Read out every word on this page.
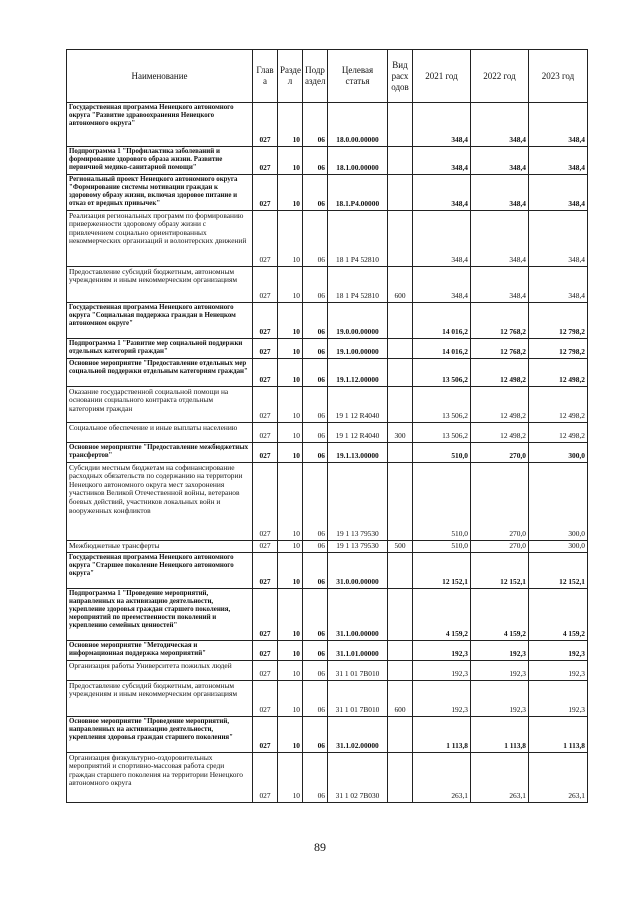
Наименование	Глав а	Разде л	Подр аздел	Целевая статья	Вид расх одов	2021 год	2022 год	2023 год
Государственная программа Ненецкого автономного округа "Развитие здравоохранения Ненецкого автономного округа"	027	10	06	18.0.00.00000		348,4	348,4	348,4
Подпрограмма 1 "Профилактика заболеваний и формирование здорового образа жизни. Развитие первичной медико-санитарной помощи"	027	10	06	18.1.00.00000		348,4	348,4	348,4
Региональный проект Ненецкого автономного округа "Формирование системы мотивации граждан к здоровому образу жизни, включая здоровое питание и отказ от вредных привычек"	027	10	06	18.1.P4.00000		348,4	348,4	348,4
Реализация региональных программ по формированию приверженности здоровому образу жизни с привлечением социально ориентированных некоммерческих организаций и волонтерских движений	027	10	06	18 1 P4 52810		348,4	348,4	348,4
Предоставление субсидий бюджетным, автономным учреждениям и иным некоммерческим организациям	027	10	06	18 1 P4 52810	600	348,4	348,4	348,4
Государственная программа Ненецкого автономного округа "Социальная поддержка граждан в Ненецком автономном округе"	027	10	06	19.0.00.00000		14 016,2	12 768,2	12 798,2
Подпрограмма 1 "Развитие мер социальной поддержки отдельных категорий граждан"	027	10	06	19.1.00.00000		14 016,2	12 768,2	12 798,2
Основное мероприятие "Предоставление отдельных мер социальной поддержки отдельным категориям граждан"	027	10	06	19.1.12.00000		13 506,2	12 498,2	12 498,2
Оказание государственной социальной помощи на основании социального контракта отдельным категориям граждан	027	10	06	19 1 12 R4040		13 506,2	12 498,2	12 498,2
Социальное обеспечение и иные выплаты населению	027	10	06	19 1 12 R4040	300	13 506,2	12 498,2	12 498,2
Основное мероприятие "Предоставление межбюджетных трансфертов"	027	10	06	19.1.13.00000		510,0	270,0	300,0
Субсидии местным бюджетам на софинансирование расходных обязательств по содержанию на территории Ненецкого автономного округа мест захоронения участников Великой Отечественной войны, ветеранов боевых действий, участников локальных войн и вооруженных конфликтов	027	10	06	19 1 13 79530		510,0	270,0	300,0
Межбюджетные трансферты	027	10	06	19 1 13 79530	500	510,0	270,0	300,0
Государственная программа Ненецкого автономного округа "Старшее поколение Ненецкого автономного округа"	027	10	06	31.0.00.00000		12 152,1	12 152,1	12 152,1
Подпрограмма 1 "Проведение мероприятий, направленных на активизацию деятельности, укрепление здоровья граждан старшего поколения, мероприятий по преемственности поколений и укреплению семейных ценностей"	027	10	06	31.1.00.00000		4 159,2	4 159,2	4 159,2
Основное мероприятие "Методическая и информационная поддержка мероприятий"	027	10	06	31.1.01.00000		192,3	192,3	192,3
Организация работы Университета пожилых людей	027	10	06	31 1 01 7B010		192,3	192,3	192,3
Предоставление субсидий бюджетным, автономным учреждениям и иным некоммерческим организациям	027	10	06	31 1 01 7B010	600	192,3	192,3	192,3
Основное мероприятие "Проведение мероприятий, направленных на активизацию деятельности, укрепления здоровья граждан старшего поколения"	027	10	06	31.1.02.00000		1 113,8	1 113,8	1 113,8
Организация физкультурно-оздоровительных мероприятий и спортивно-массовая работа среди граждан старшего поколения на территории Ненецкого автономного округа	027	10	06	31 1 02 7B030		263,1	263,1	263,1
89
